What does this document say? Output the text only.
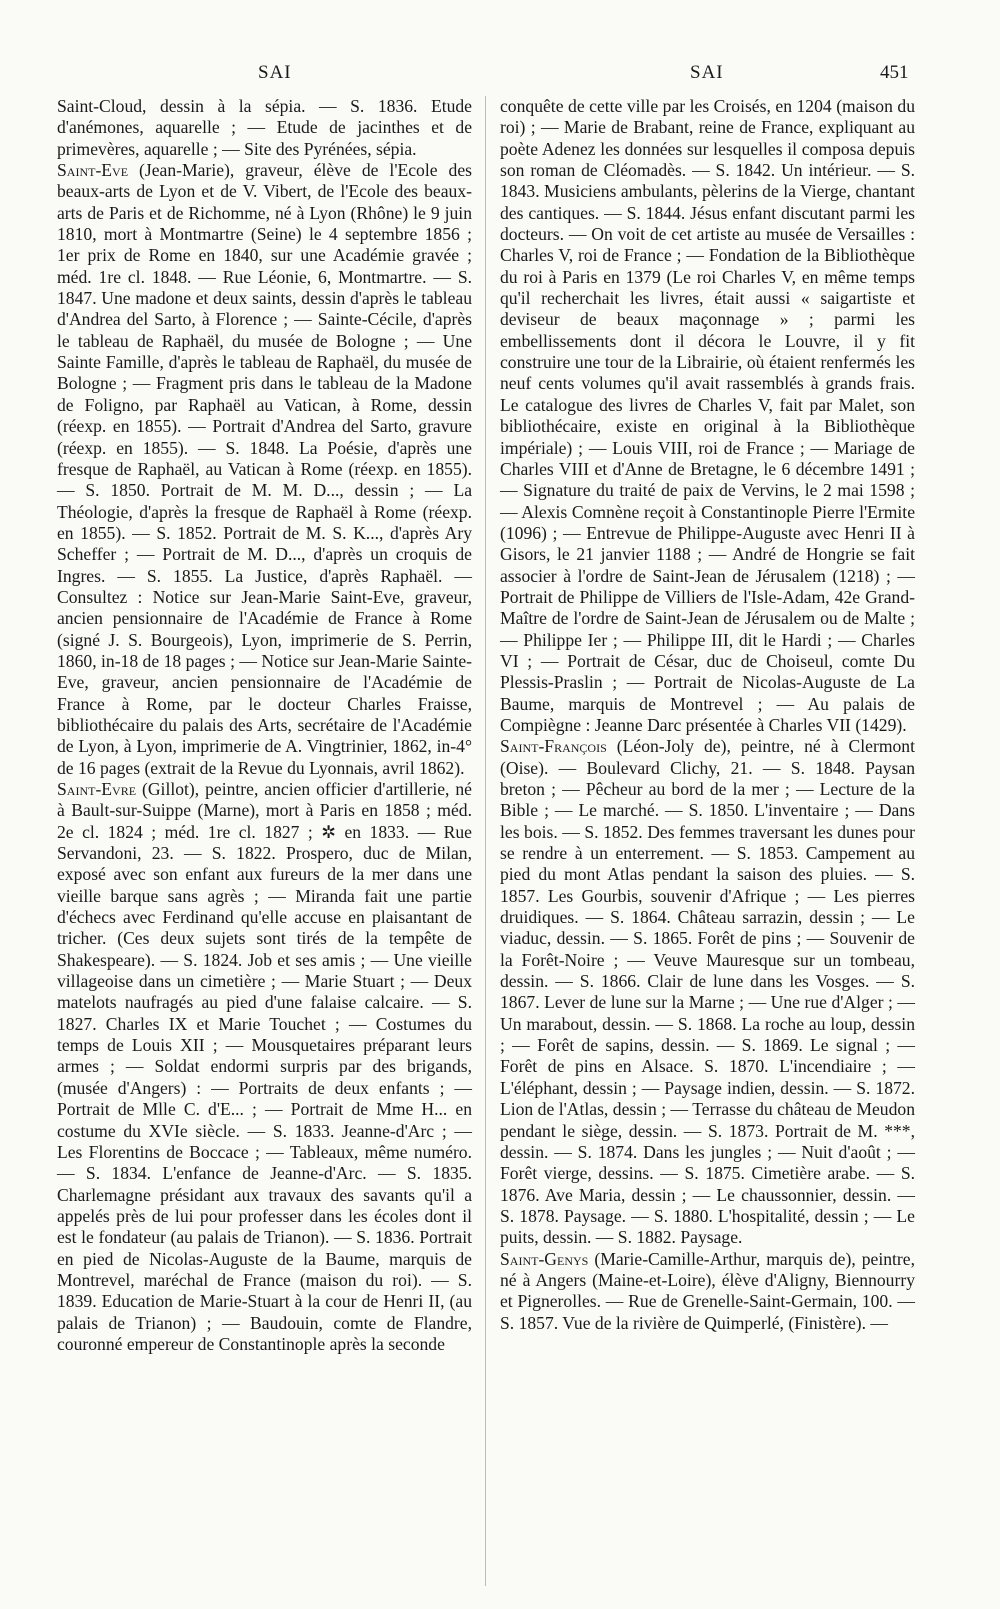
SAI	SAI	451

Saint-Cloud, dessin à la sépia. — S. 1836. Etude d'anémones, aquarelle ; — Etude de jacinthes et de primevères, aquarelle ; — Site des Pyrénées, sépia.

Saint-Eve (Jean-Marie), graveur, élève de l'Ecole des beaux-arts de Lyon et de V. Vibert, de l'Ecole des beaux-arts de Paris et de Richomme, né à Lyon (Rhône) le 9 juin 1810, mort à Montmartre (Seine) le 4 septembre 1856 ; 1er prix de Rome en 1840, sur une Académie gravée ; méd. 1re cl. 1848. — Rue Léonie, 6, Montmartre. — S. 1847. Une madone et deux saints, dessin d'après le tableau d'Andrea del Sarto, à Florence ; — Sainte-Cécile, d'après le tableau de Raphaël, du musée de Bologne ; — Une Sainte Famille, d'après le tableau de Raphaël, du musée de Bologne ; — Fragment pris dans le tableau de la Madone de Foligno, par Raphaël au Vatican, à Rome, dessin (réexp. en 1855). — Portrait d'Andrea del Sarto, gravure (réexp. en 1855). — S. 1848. La Poésie, d'après une fresque de Raphaël, au Vatican à Rome (réexp. en 1855). — S. 1850. Portrait de M. M. D..., dessin ; — La Théologie, d'après la fresque de Raphaël à Rome (réexp. en 1855). — S. 1852. Portrait de M. S. K..., d'après Ary Scheffer ; — Portrait de M. D..., d'après un croquis de Ingres. — S. 1855. La Justice, d'après Raphaël. — Consultez : Notice sur Jean-Marie Saint-Eve, graveur, ancien pensionnaire de l'Académie de France à Rome (signé J. S. Bourgeois), Lyon, imprimerie de S. Perrin, 1860, in-18 de 18 pages ; — Notice sur Jean-Marie Sainte-Eve, graveur, ancien pensionnaire de l'Académie de France à Rome, par le docteur Charles Fraisse, bibliothécaire du palais des Arts, secrétaire de l'Académie de Lyon, à Lyon, imprimerie de A. Vingtrinier, 1862, in-4° de 16 pages (extrait de la Revue du Lyonnais, avril 1862).

Saint-Evre (Gillot), peintre, ancien officier d'artillerie, né à Bault-sur-Suippe (Marne), mort à Paris en 1858 ; méd. 2e cl. 1824 ; méd. 1re cl. 1827 ; ✲ en 1833. — Rue Servandoni, 23. — S. 1822. Prospero, duc de Milan, exposé avec son enfant aux fureurs de la mer dans une vieille barque sans agrès ; — Miranda fait une partie d'échecs avec Ferdinand qu'elle accuse en plaisantant de tricher. (Ces deux sujets sont tirés de la tempête de Shakespeare). — S. 1824. Job et ses amis ; — Une vieille villageoise dans un cimetière ; — Marie Stuart ; — Deux matelots naufragés au pied d'une falaise calcaire. — S. 1827. Charles IX et Marie Touchet ; — Costumes du temps de Louis XII ; — Mousquetaires préparant leurs armes ; — Soldat endormi surpris par des brigands, (musée d'Angers) : — Portraits de deux enfants ; — Portrait de Mlle C. d'E... ; — Portrait de Mme H... en costume du XVIe siècle. — S. 1833. Jeanne-d'Arc ; — Les Florentins de Boccace ; — Tableaux, même numéro. — S. 1834. L'enfance de Jeanne-d'Arc. — S. 1835. Charlemagne présidant aux travaux des savants qu'il a appelés près de lui pour professer dans les écoles dont il est le fondateur (au palais de Trianon). — S. 1836. Portrait en pied de Nicolas-Auguste de la Baume, marquis de Montrevel, maréchal de France (maison du roi). — S. 1839. Education de Marie-Stuart à la cour de Henri II, (au palais de Trianon) ; — Baudouin, comte de Flandre, couronné empereur de Constantinople après la seconde

conquête de cette ville par les Croisés, en 1204 (maison du roi) ; — Marie de Brabant, reine de France, expliquant au poète Adenez les données sur lesquelles il composa depuis son roman de Cléomadès. — S. 1842. Un intérieur. — S. 1843. Musiciens ambulants, pèlerins de la Vierge, chantant des cantiques. — S. 1844. Jésus enfant discutant parmi les docteurs. — On voit de cet artiste au musée de Versailles : Charles V, roi de France ; — Fondation de la Bibliothèque du roi à Paris en 1379 (Le roi Charles V, en même temps qu'il recherchait les livres, était aussi « saigartiste et deviseur de beaux maçonnage » ; parmi les embellissements dont il décora le Louvre, il y fit construire une tour de la Librairie, où étaient renfermés les neuf cents volumes qu'il avait rassemblés à grands frais. Le catalogue des livres de Charles V, fait par Malet, son bibliothécaire, existe en original à la Bibliothèque impériale) ; — Louis VIII, roi de France ; — Mariage de Charles VIII et d'Anne de Bretagne, le 6 décembre 1491 ; — Signature du traité de paix de Vervins, le 2 mai 1598 ; — Alexis Comnène reçoit à Constantinople Pierre l'Ermite (1096) ; — Entrevue de Philippe-Auguste avec Henri II à Gisors, le 21 janvier 1188 ; — André de Hongrie se fait associer à l'ordre de Saint-Jean de Jérusalem (1218) ; — Portrait de Philippe de Villiers de l'Isle-Adam, 42e Grand-Maître de l'ordre de Saint-Jean de Jérusalem ou de Malte ; — Philippe Ier ; — Philippe III, dit le Hardi ; — Charles VI ; — Portrait de César, duc de Choiseul, comte Du Plessis-Praslin ; — Portrait de Nicolas-Auguste de La Baume, marquis de Montrevel ; — Au palais de Compiègne : Jeanne Darc présentée à Charles VII (1429).

Saint-François (Léon-Joly de), peintre, né à Clermont (Oise). — Boulevard Clichy, 21. — S. 1848. Paysan breton ; — Pêcheur au bord de la mer ; — Lecture de la Bible ; — Le marché. — S. 1850. L'inventaire ; — Dans les bois. — S. 1852. Des femmes traversant les dunes pour se rendre à un enterrement. — S. 1853. Campement au pied du mont Atlas pendant la saison des pluies. — S. 1857. Les Gourbis, souvenir d'Afrique ; — Les pierres druidiques. — S. 1864. Château sarrazin, dessin ; — Le viaduc, dessin. — S. 1865. Forêt de pins ; — Souvenir de la Forêt-Noire ; — Veuve Mauresque sur un tombeau, dessin. — S. 1866. Clair de lune dans les Vosges. — S. 1867. Lever de lune sur la Marne ; — Une rue d'Alger ; — Un marabout, dessin. — S. 1868. La roche au loup, dessin ; — Forêt de sapins, dessin. — S. 1869. Le signal ; — Forêt de pins en Alsace. S. 1870. L'incendiaire ; — L'éléphant, dessin ; — Paysage indien, dessin. — S. 1872. Lion de l'Atlas, dessin ; — Terrasse du château de Meudon pendant le siège, dessin. — S. 1873. Portrait de M. ***, dessin. — S. 1874. Dans les jungles ; — Nuit d'août ; — Forêt vierge, dessins. — S. 1875. Cimetière arabe. — S. 1876. Ave Maria, dessin ; — Le chaussonnier, dessin. — S. 1878. Paysage. — S. 1880. L'hospitalité, dessin ; — Le puits, dessin. — S. 1882. Paysage.

Saint-Genys (Marie-Camille-Arthur, marquis de), peintre, né à Angers (Maine-et-Loire), élève d'Aligny, Biennourry et Pignerolles. — Rue de Grenelle-Saint-Germain, 100. — S. 1857. Vue de la rivière de Quimperlé, (Finistère). —
